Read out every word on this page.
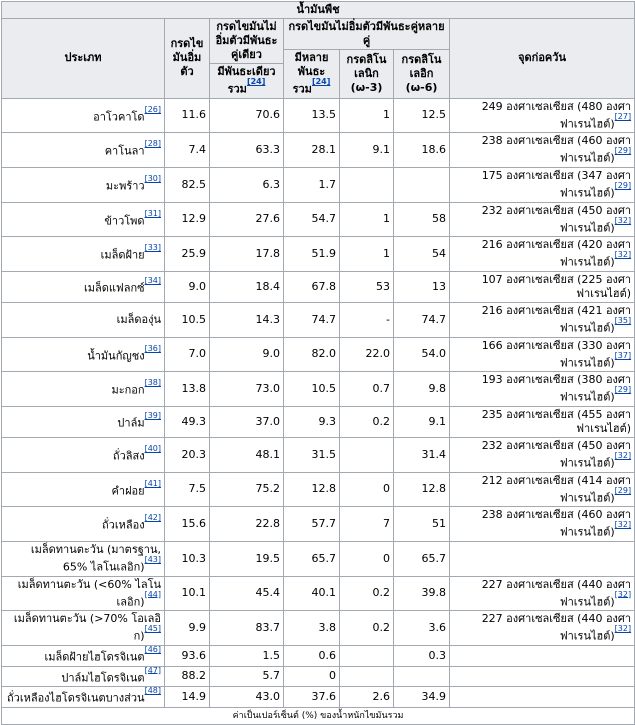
น้ำมันพืช						
ประเภท	กรดไขมันอิ่มตัว	กรดไขมันไม่อิ่มตัวมีพันธะคู่เดียว	กรดไขมันไม่อิ่มตัวมีพันธะคู่หลายคู่			จุดก่อควัน
			มีหลายพันธะรวม[24]	กรดลิโนเลนิก (ω-3)	กรดลิโนเลอิก (ω-6)	
		มีพันธะเดียวรวม[24]
อาโวคาโด[26]	11.6	70.6	13.5	1	12.5	249 องศาเซลเซียส (480 องศาฟาเรนไฮต์)[27]
คาโนลา[28]	7.4	63.3	28.1	9.1	18.6	238 องศาเซลเซียส (460 องศาฟาเรนไฮต์)[29]
มะพร้าว[30]	82.5	6.3	1.7			175 องศาเซลเซียส (347 องศาฟาเรนไฮต์)[29]
ข้าวโพด[31]	12.9	27.6	54.7	1	58	232 องศาเซลเซียส (450 องศาฟาเรนไฮต์)[32]
เมล็ดฝ้าย[33]	25.9	17.8	51.9	1	54	216 องศาเซลเซียส (420 องศาฟาเรนไฮต์)[32]
เมล็ดแฟลกซ์[34]	9.0	18.4	67.8	53	13	107 องศาเซลเซียส (225 องศาฟาเรนไฮต์)
เมล็ดองุ่น	10.5	14.3	74.7	-	74.7	216 องศาเซลเซียส (421 องศาฟาเรนไฮต์)[35]
น้ำมันกัญชง[36]	7.0	9.0	82.0	22.0	54.0	166 องศาเซลเซียส (330 องศาฟาเรนไฮต์)[37]
มะกอก[38]	13.8	73.0	10.5	0.7	9.8	193 องศาเซลเซียส (380 องศาฟาเรนไฮต์)[29]
ปาล์ม[39]	49.3	37.0	9.3	0.2	9.1	235 องศาเซลเซียส (455 องศาฟาเรนไฮต์)
ถั่วลิสง[40]	20.3	48.1	31.5		31.4	232 องศาเซลเซียส (450 องศาฟาเรนไฮต์)[32]
คำฝอย[41]	7.5	75.2	12.8	0	12.8	212 องศาเซลเซียส (414 องศาฟาเรนไฮต์)[29]
ถั่วเหลือง[42]	15.6	22.8	57.7	7	51	238 องศาเซลเซียส (460 องศาฟาเรนไฮต์)[32]
เมล็ดทานตะวัน (มาตรฐาน, 65% ไลโนเลอิก)[43]	10.3	19.5	65.7	0	65.7	
เมล็ดทานตะวัน (<60% ไลโนเลอิก)[44]	10.1	45.4	40.1	0.2	39.8	227 องศาเซลเซียส (440 องศาฟาเรนไฮต์)[32]
เมล็ดทานตะวัน (>70% โอเลอิก)[45]	9.9	83.7	3.8	0.2	3.6	227 องศาเซลเซียส (440 องศาฟาเรนไฮต์)[32]
เมล็ดฝ้ายไฮโดรจิเนต[46]	93.6	1.5	0.6		0.3	
ปาล์มไฮโดรจิเนต[47]	88.2	5.7	0			
ถั่วเหลืองไฮโดรจิเนตบางส่วน[48]	14.9	43.0	37.6	2.6	34.9	
ค่าเป็นเปอร์เซ็นต์ (%) ของน้ำหนักไขมันรวม						
